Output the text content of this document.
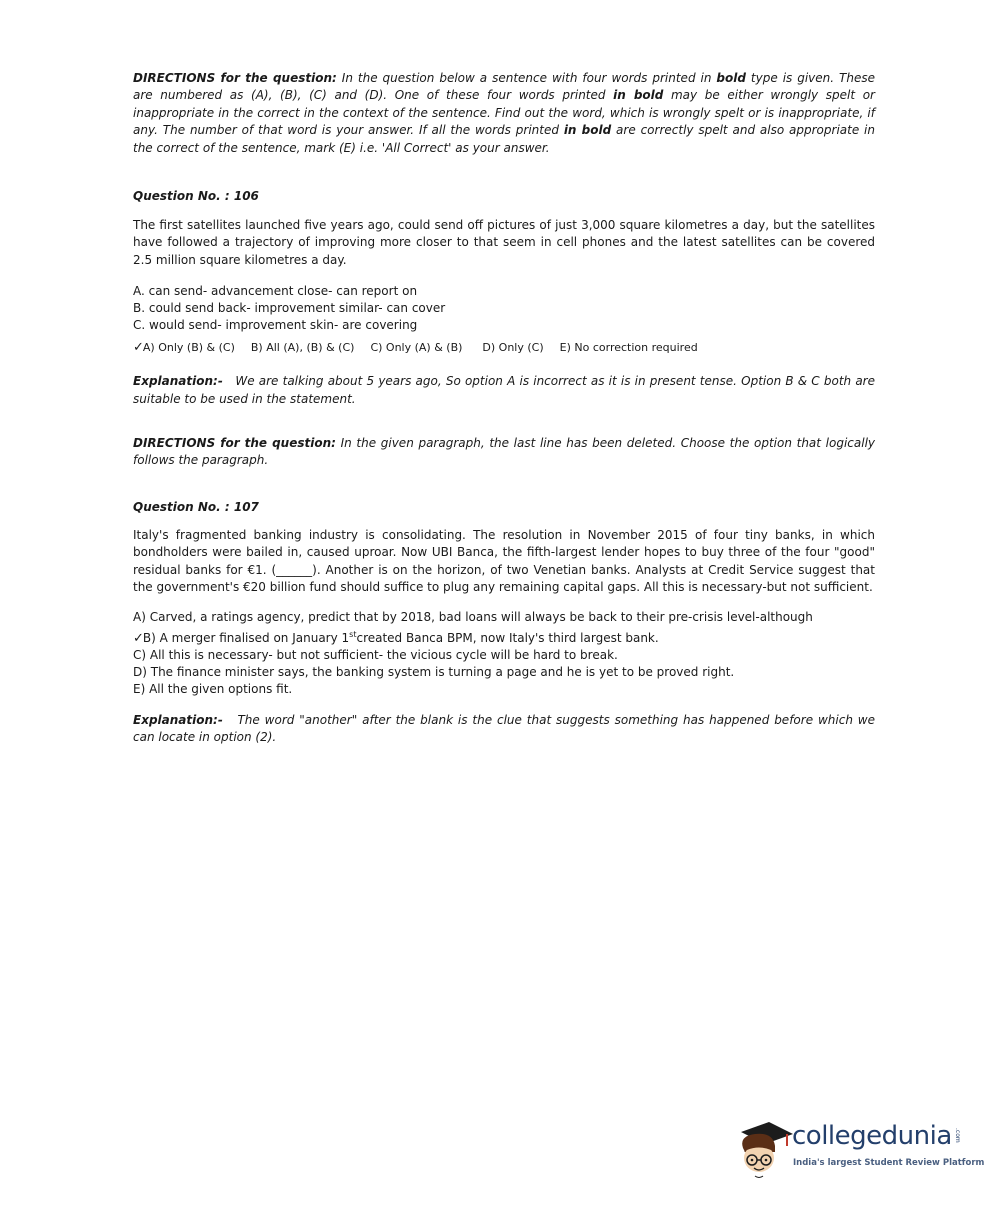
DIRECTIONS for the question: In the question below a sentence with four words printed in bold type is given. These are numbered as (A), (B), (C) and (D). One of these four words printed in bold may be either wrongly spelt or inappropriate in the correct in the context of the sentence. Find out the word, which is wrongly spelt or is inappropriate, if any. The number of that word is your answer. If all the words printed in bold are correctly spelt and also appropriate in the correct of the sentence, mark (E) i.e. 'All Correct' as your answer.

Question No. : 106

The first satellites launched five years ago, could send off pictures of just 3,000 square kilometres a day, but the satellites have followed a trajectory of improving more closer to that seem in cell phones and the latest satellites can be covered 2.5 million square kilometres a day.

A. can send- advancement close- can report on

B. could send back- improvement similar- can cover

C. would send- improvement skin- are covering

✓ A) Only (B) & (C) B) All (A), (B) & (C) C) Only (A) & (B) D) Only (C) E) No correction required

Explanation:- We are talking about 5 years ago, So option A is incorrect as it is in present tense. Option B & C both are suitable to be used in the statement.

DIRECTIONS for the question: In the given paragraph, the last line has been deleted. Choose the option that logically follows the paragraph.

Question No. : 107

Italy's fragmented banking industry is consolidating. The resolution in November 2015 of four tiny banks, in which bondholders were bailed in, caused uproar. Now UBI Banca, the fifth-largest lender hopes to buy three of the four "good" residual banks for €1. (______). Another is on the horizon, of two Venetian banks. Analysts at Credit Service suggest that the government's €20 billion fund should suffice to plug any remaining capital gaps. All this is necessary-but not sufficient.

A) Carved, a ratings agency, predict that by 2018, bad loans will always be back to their pre-crisis level-although

✓B) A merger finalised on January 1stcreated Banca BPM, now Italy's third largest bank.

C) All this is necessary- but not sufficient- the vicious cycle will be hard to break.

D) The finance minister says, the banking system is turning a page and he is yet to be proved right.

E) All the given options fit.

Explanation:- The word "another" after the blank is the clue that suggests something has happened before which we can locate in option (2).

collegedunia .com
India's largest Student Review Platform
